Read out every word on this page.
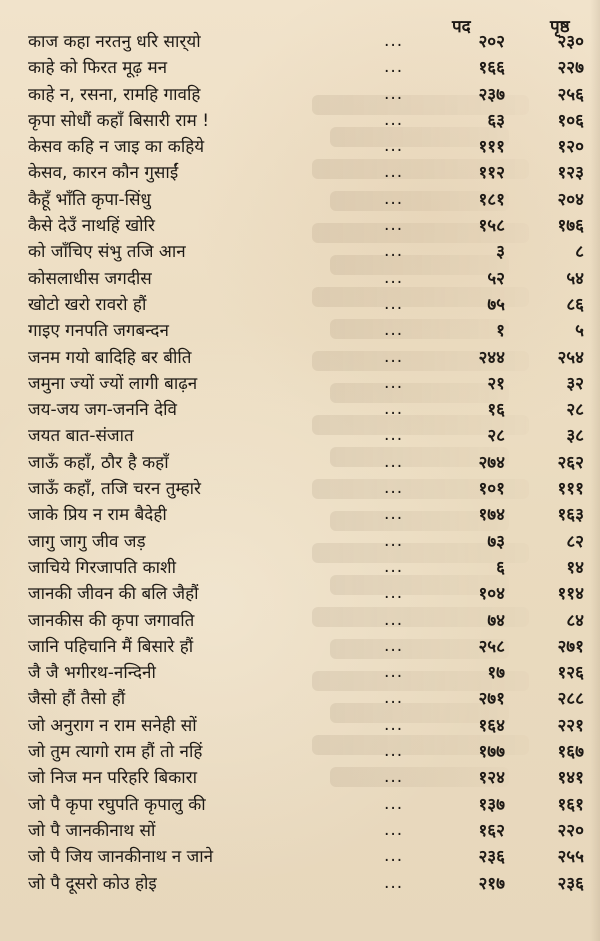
पद	पृष्ठ
काज कहा नरतनु धरि सार्‌यो	...	२०२	२३०
काहे को फिरत मूढ़ मन	...	१६६	२२७
काहे न, रसना, रामहि गावहि	...	२३७	२५६
कृपा सोधौं कहाँ बिसारी राम !	...	६३	१०६
केसव कहि न जाइ का कहिये	...	१११	१२०
केसव, कारन कौन गुसाईं	...	११२	१२३
कैहूँ भाँति कृपा-सिंधु	...	१८१	२०४
कैसे देउँ नाथहिं खोरि	...	१५८	१७६
को जाँचिए संभु तजि आन	...	३	८
कोसलाधीस जगदीस	...	५२	५४
खोटो खरो रावरो हौं	...	७५	८६
गाइए गनपति जगबन्दन	...	१	५
जनम गयो बादिहि बर बीति	...	२४४	२५४
जमुना ज्यों ज्यों लागी बाढ़न	...	२१	३२
जय-जय जग-जननि देवि	...	१६	२८
जयत बात-संजात	...	२८	३८
जाऊँ कहाँ, ठौर है कहाँ	...	२७४	२६२
जाऊँ कहाँ, तजि चरन तुम्हारे	...	१०१	१११
जाके प्रिय न राम बैदेही	...	१७४	१६३
जागु जागु जीव जड़	...	७३	८२
जाचिये गिरजापति काशी	...	६	१४
जानकी जीवन की बलि जैहौं	...	१०४	११४
जानकीस की कृपा जगावति	...	७४	८४
जानि पहिचानि मैं बिसारे हौं	...	२५८	२७१
जै जै भगीरथ-नन्दिनी	...	१७	१२६
जैसो हौं तैसो हौं	...	२७१	२८८
जो अनुराग न राम सनेही सों	...	१६४	२२१
जो तुम त्यागो राम हौं तो नहिं	...	१७७	१६७
जो निज मन परिहरि बिकारा	...	१२४	१४१
जो पै कृपा रघुपति कृपालु की	...	१३७	१६१
जो पै जानकीनाथ सों	...	१६२	२२०
जो पै जिय जानकीनाथ न जाने	...	२३६	२५५
जो पै दूसरो कोउ होइ	...	२१७	२३६
